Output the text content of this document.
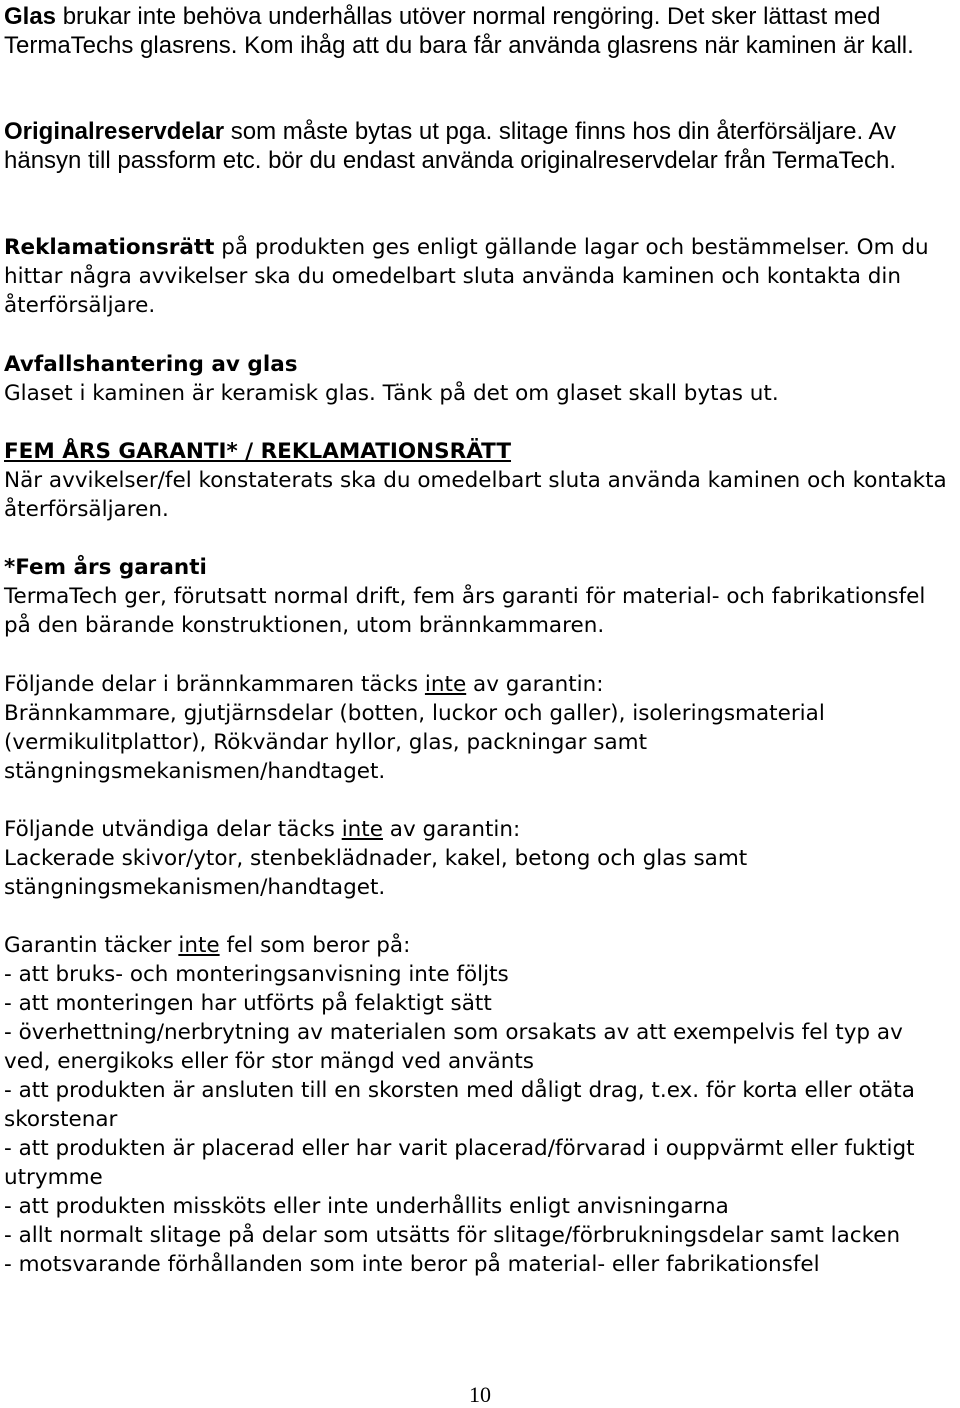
Glas brukar inte behöva underhållas utöver normal rengöring. Det sker lättast med TermaTechs glasrens. Kom ihåg att du bara får använda glasrens när kaminen är kall.

Originalreservdelar som måste bytas ut pga. slitage finns hos din återförsäljare. Av hänsyn till passform etc. bör du endast använda originalreservdelar från TermaTech.

Reklamationsrätt på produkten ges enligt gällande lagar och bestämmelser. Om du hittar några avvikelser ska du omedelbart sluta använda kaminen och kontakta din återförsäljare.

Avfallshantering av glas
Glaset i kaminen är keramisk glas. Tänk på det om glaset skall bytas ut.
FEM ÅRS GARANTI* / REKLAMATIONSRÄTT
När avvikelser/fel konstaterats ska du omedelbart sluta använda kaminen och kontakta återförsäljaren.
*Fem års garanti
TermaTech ger, förutsatt normal drift, fem års garanti för material- och fabrikationsfel på den bärande konstruktionen, utom brännkammaren.
Följande delar i brännkammaren täcks inte av garantin:
Brännkammare, gjutjärnsdelar (botten, luckor och galler), isoleringsmaterial (vermikulitplattor), Rökvändar hyllor, glas, packningar samt stängningsmekanismen/handtaget.
Följande utvändiga delar täcks inte av garantin:
Lackerade skivor/ytor, stenbeklädnader, kakel, betong och glas samt stängningsmekanismen/handtaget.
Garantin täcker inte fel som beror på:
- att bruks- och monteringsanvisning inte följts
- att monteringen har utförts på felaktigt sätt
- överhettning/nerbrytning av materialen som orsakats av att exempelvis fel typ av ved, energikoks eller för stor mängd ved använts
- att produkten är ansluten till en skorsten med dåligt drag, t.ex. för korta eller otäta skorstenar
- att produkten är placerad eller har varit placerad/förvarad i ouppvärmt eller fuktigt utrymme
- att produkten missköts eller inte underhållits enligt anvisningarna
- allt normalt slitage på delar som utsätts för slitage/förbrukningsdelar samt lacken
- motsvarande förhållanden som inte beror på material- eller fabrikationsfel
10
